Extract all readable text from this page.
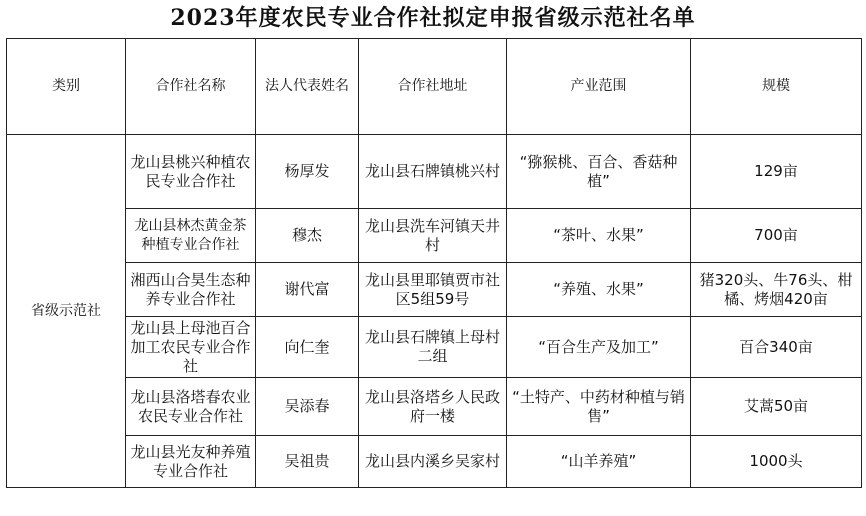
2023年度农民专业合作社拟定申报省级示范社名单
类别	合作社名称	法人代表姓名	合作社地址	产业范围	规模
省级示范社	龙山县桃兴种植农民专业合作社	杨厚发	龙山县石牌镇桃兴村	“猕猴桃、百合、香菇种植”	129亩

	龙山县林杰黄金茶种植专业合作社	穆杰	龙山县洗车河镇天井村	“茶叶、水果”	700亩

	湘西山合昊生态种养专业合作社	谢代富	龙山县里耶镇贾市社区5组59号	“养殖、水果”	猪320头、牛76头、柑橘、烤烟420亩

	龙山县上母池百合加工农民专业合作社	向仁奎	龙山县石牌镇上母村二组	“百合生产及加工”	百合340亩

	龙山县洛塔春农业农民专业合作社	吴添春	龙山县洛塔乡人民政府一楼	“土特产、中药材种植与销售”	艾蒿50亩

	龙山县光友种养殖专业合作社	吴祖贵	龙山县内溪乡吴家村	“山羊养殖”	1000头
